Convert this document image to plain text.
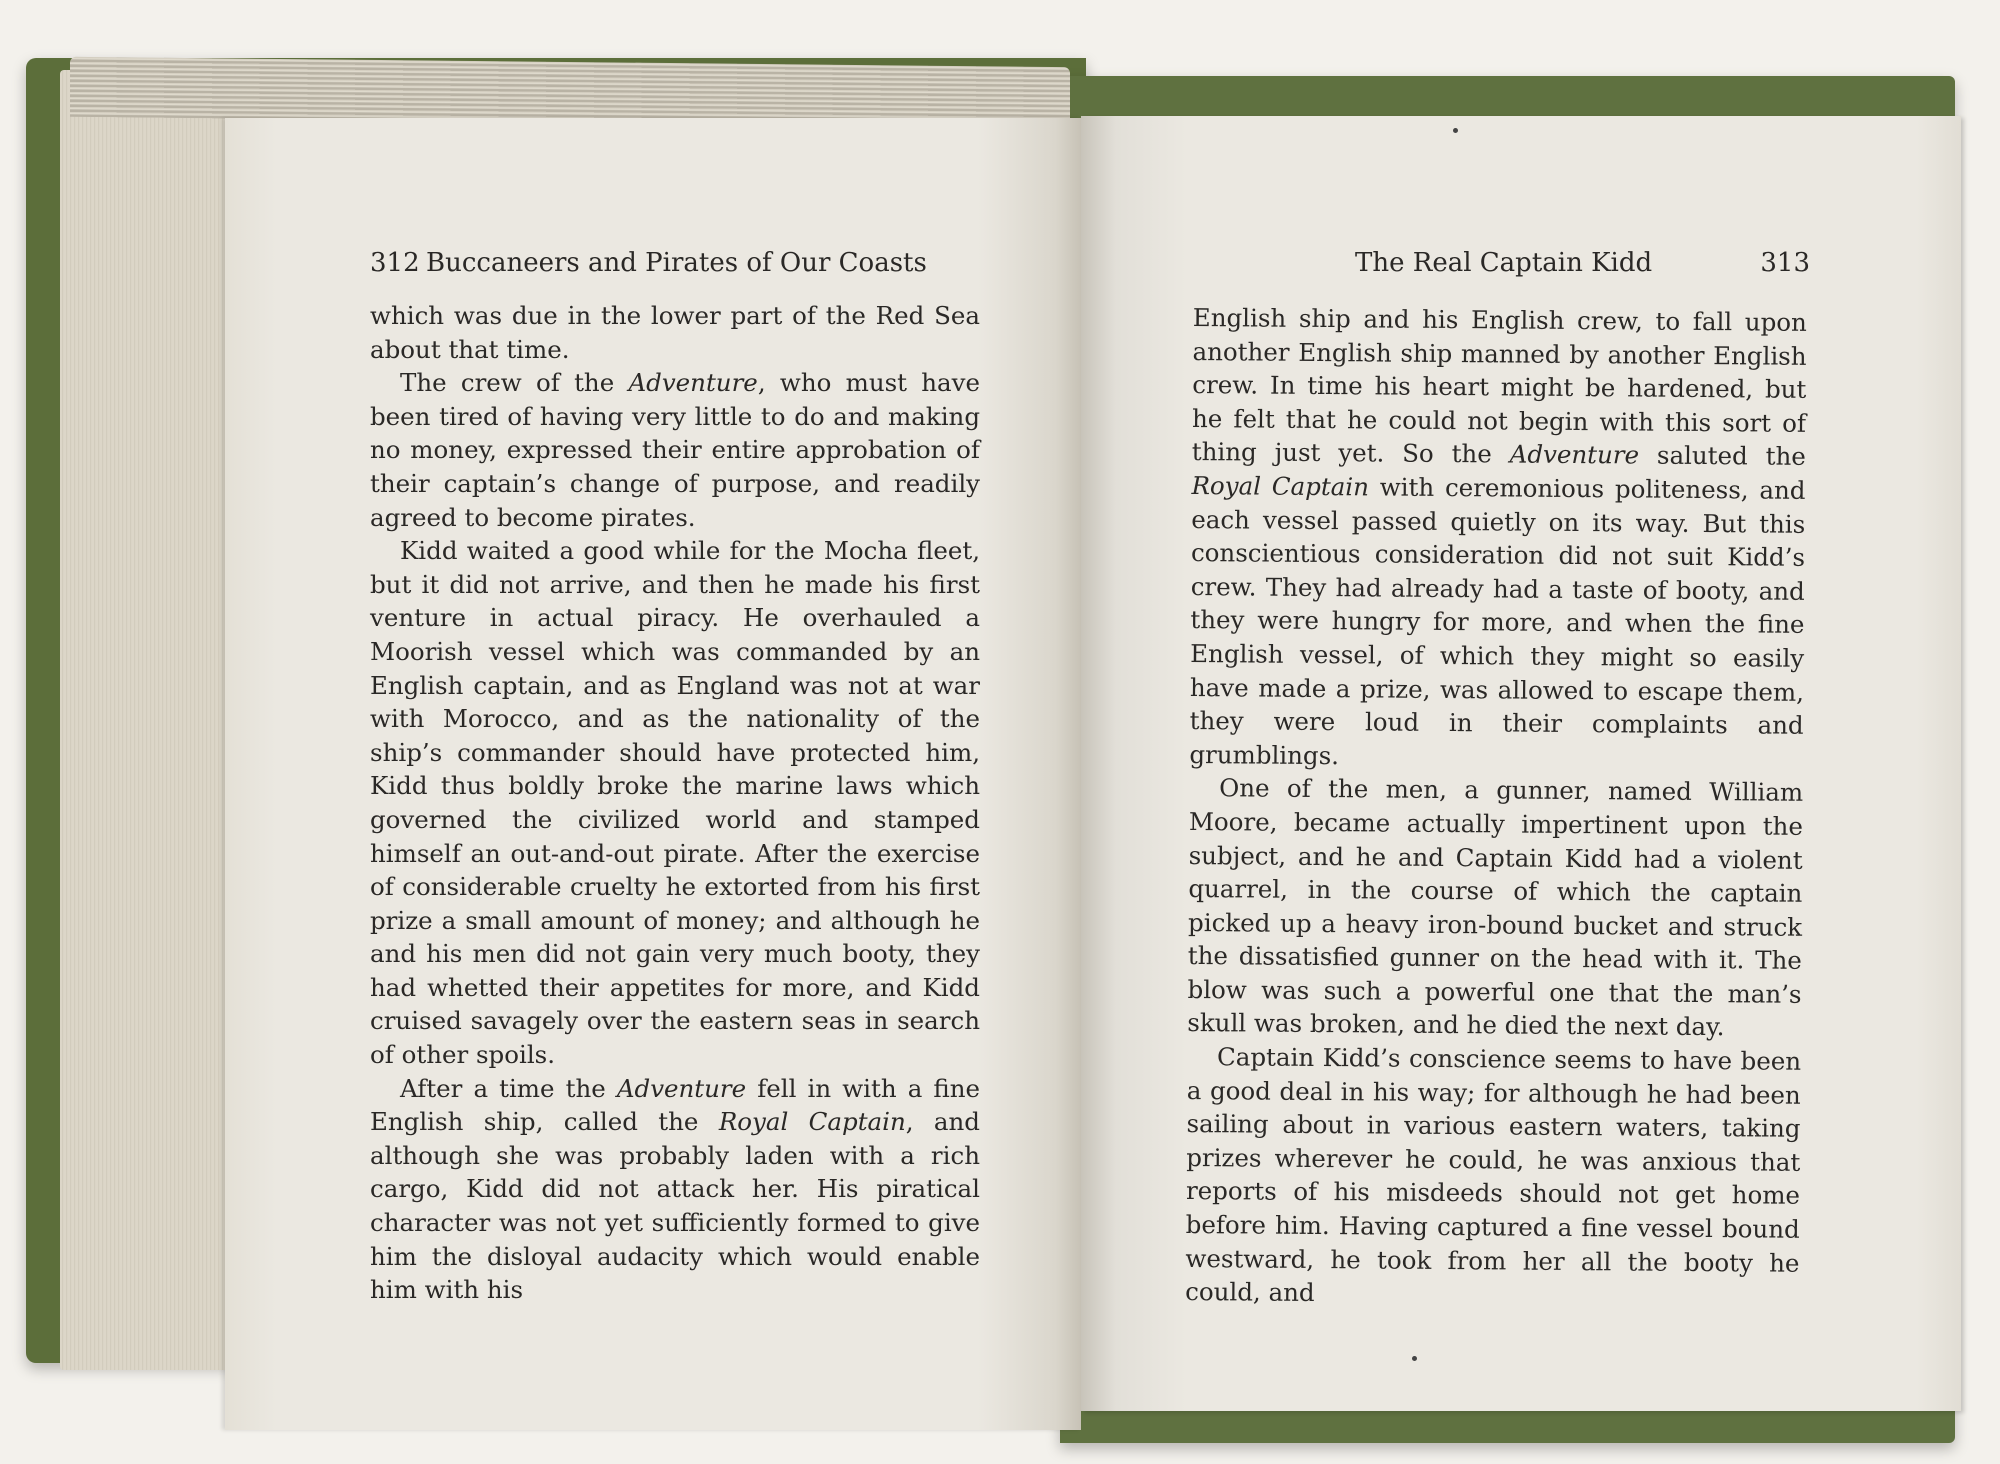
312 Buccaneers and Pirates of Our Coasts	The Real Captain Kidd	313

which was due in the lower part of the Red Sea about that time.

The crew of the Adventure, who must have been tired of having very little to do and making no money, expressed their entire approbation of their captain’s change of purpose, and readily agreed to become pirates.

Kidd waited a good while for the Mocha fleet, but it did not arrive, and then he made his first venture in actual piracy. He overhauled a Moorish vessel which was commanded by an English captain, and as England was not at war with Morocco, and as the nationality of the ship’s commander should have protected him, Kidd thus boldly broke the marine laws which governed the civilized world and stamped himself an out-and-out pirate. After the exercise of considerable cruelty he extorted from his first prize a small amount of money; and although he and his men did not gain very much booty, they had whetted their appetites for more, and Kidd cruised savagely over the eastern seas in search of other spoils.

After a time the Adventure fell in with a fine English ship, called the Royal Captain, and although she was probably laden with a rich cargo, Kidd did not attack her. His piratical character was not yet sufficiently formed to give him the disloyal audacity which would enable him with his

English ship and his English crew, to fall upon another English ship manned by another English crew. In time his heart might be hardened, but he felt that he could not begin with this sort of thing just yet. So the Adventure saluted the Royal Captain with ceremonious politeness, and each vessel passed quietly on its way. But this conscientious consideration did not suit Kidd’s crew. They had already had a taste of booty, and they were hungry for more, and when the fine English vessel, of which they might so easily have made a prize, was allowed to escape them, they were loud in their complaints and grumblings.

One of the men, a gunner, named William Moore, became actually impertinent upon the subject, and he and Captain Kidd had a violent quarrel, in the course of which the captain picked up a heavy iron-bound bucket and struck the dissatisfied gunner on the head with it. The blow was such a powerful one that the man’s skull was broken, and he died the next day.

Captain Kidd’s conscience seems to have been a good deal in his way; for although he had been sailing about in various eastern waters, taking prizes wherever he could, he was anxious that reports of his misdeeds should not get home before him. Having captured a fine vessel bound westward, he took from her all the booty he could, and
